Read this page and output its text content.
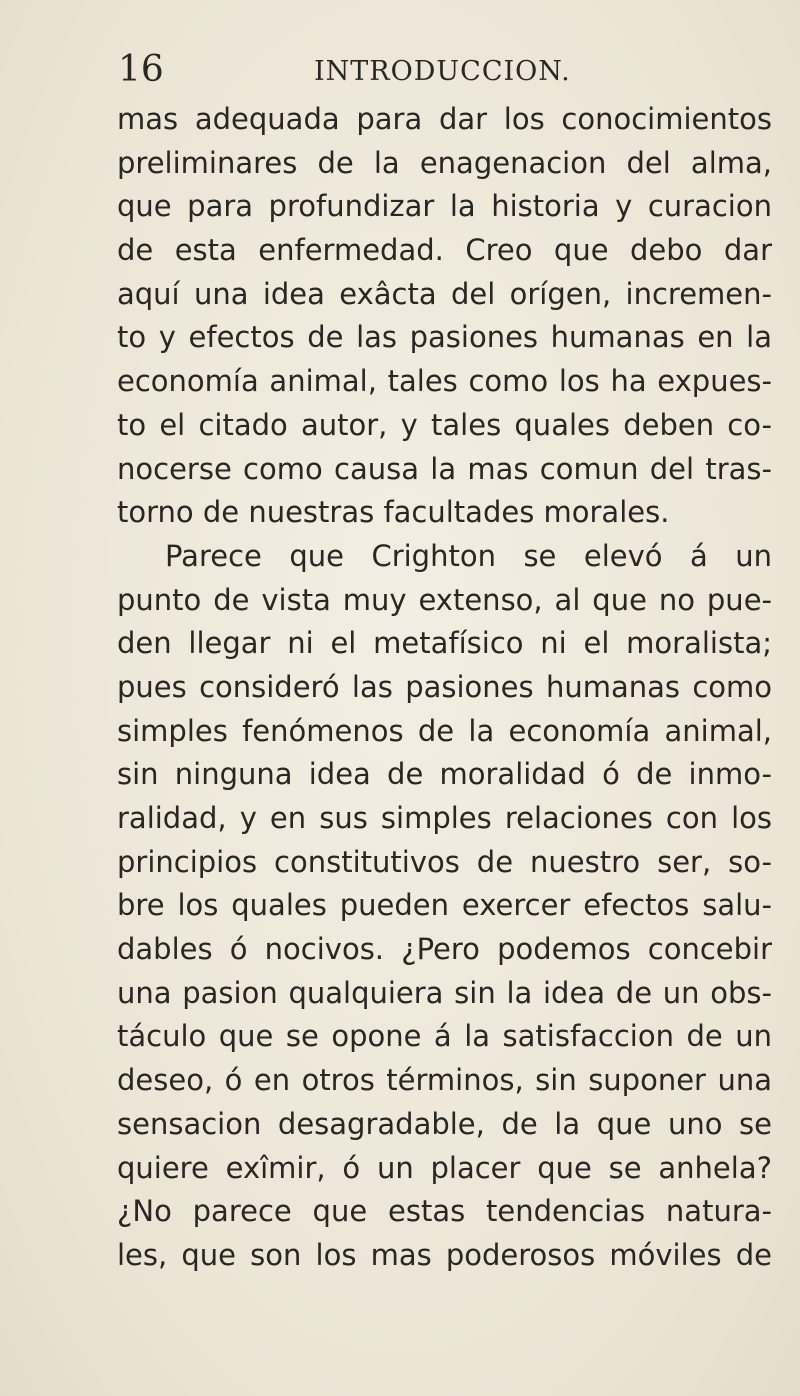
16	INTRODUCCION.
mas adequada para dar los conocimientos
preliminares de la enagenacion del alma,
que para profundizar la historia y curacion
de esta enfermedad. Creo que debo dar
aquí una idea exâcta del orígen, incremen-
to y efectos de las pasiones humanas en la
economía animal, tales como los ha expues-
to el citado autor, y tales quales deben co-
nocerse como causa la mas comun del tras-
torno de nuestras facultades morales.
Parece que Crighton se elevó á un
punto de vista muy extenso, al que no pue-
den llegar ni el metafísico ni el moralista;
pues consideró las pasiones humanas como
simples fenómenos de la economía animal,
sin ninguna idea de moralidad ó de inmo-
ralidad, y en sus simples relaciones con los
principios constitutivos de nuestro ser, so-
bre los quales pueden exercer efectos salu-
dables ó nocivos. ¿Pero podemos concebir
una pasion qualquiera sin la idea de un obs-
táculo que se opone á la satisfaccion de un
deseo, ó en otros términos, sin suponer una
sensacion desagradable, de la que uno se
quiere exîmir, ó un placer que se anhela?
¿No parece que estas tendencias natura-
les, que son los mas poderosos móviles de
